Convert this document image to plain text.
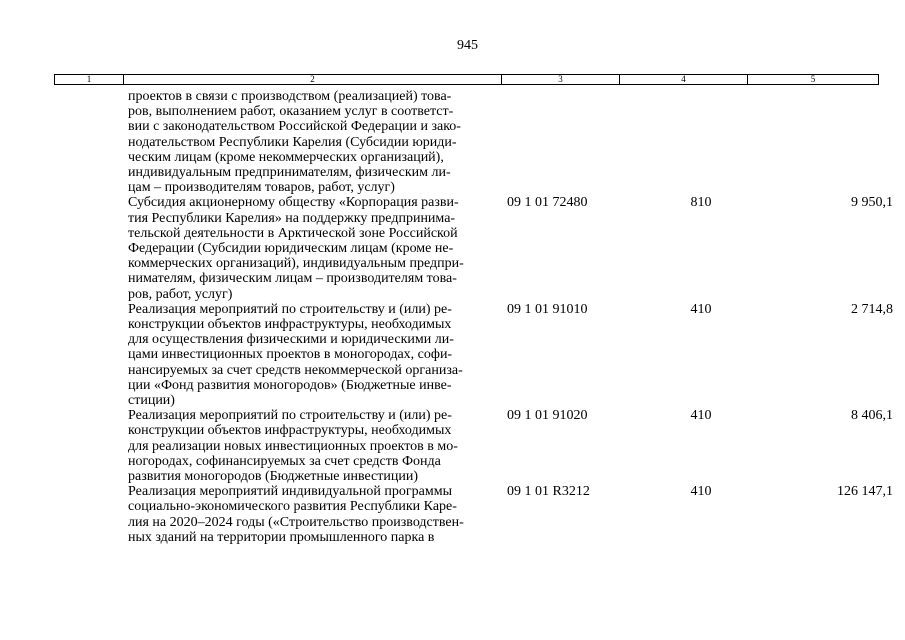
945
1	2	3	4	5
проектов в связи с производством (реализацией) това-
ров, выполнением работ, оказанием услуг в соответст-
вии с законодательством Российской Федерации и зако-
нодательством Республики Карелия (Субсидии юриди-
ческим лицам (кроме некоммерческих организаций),
индивидуальным предпринимателям, физическим ли-
цам – производителям товаров, работ, услуг)
Субсидия акционерному обществу «Корпорация разви-
тия Республики Карелия» на поддержку предпринима-
тельской деятельности в Арктической зоне Российской
Федерации (Субсидии юридическим лицам (кроме не-
коммерческих организаций), индивидуальным предпри-
нимателям, физическим лицам – производителям това-
ров, работ, услуг)
09 1 01 72480	810	9 950,1
Реализация мероприятий по строительству и (или) ре-
конструкции объектов инфраструктуры, необходимых
для осуществления физическими и юридическими ли-
цами инвестиционных проектов в моногородах, софи-
нансируемых за счет средств некоммерческой организа-
ции «Фонд развития моногородов» (Бюджетные инве-
стиции)
09 1 01 91010	410	2 714,8
Реализация мероприятий по строительству и (или) ре-
конструкции объектов инфраструктуры, необходимых
для реализации новых инвестиционных проектов в мо-
ногородах, софинансируемых за счет средств Фонда
развития моногородов (Бюджетные инвестиции)
09 1 01 91020	410	8 406,1
Реализация мероприятий индивидуальной программы
социально-экономического развития Республики Каре-
лия на 2020–2024 годы («Строительство производствен-
ных зданий на территории промышленного парка в
09 1 01 R3212	410	126 147,1
